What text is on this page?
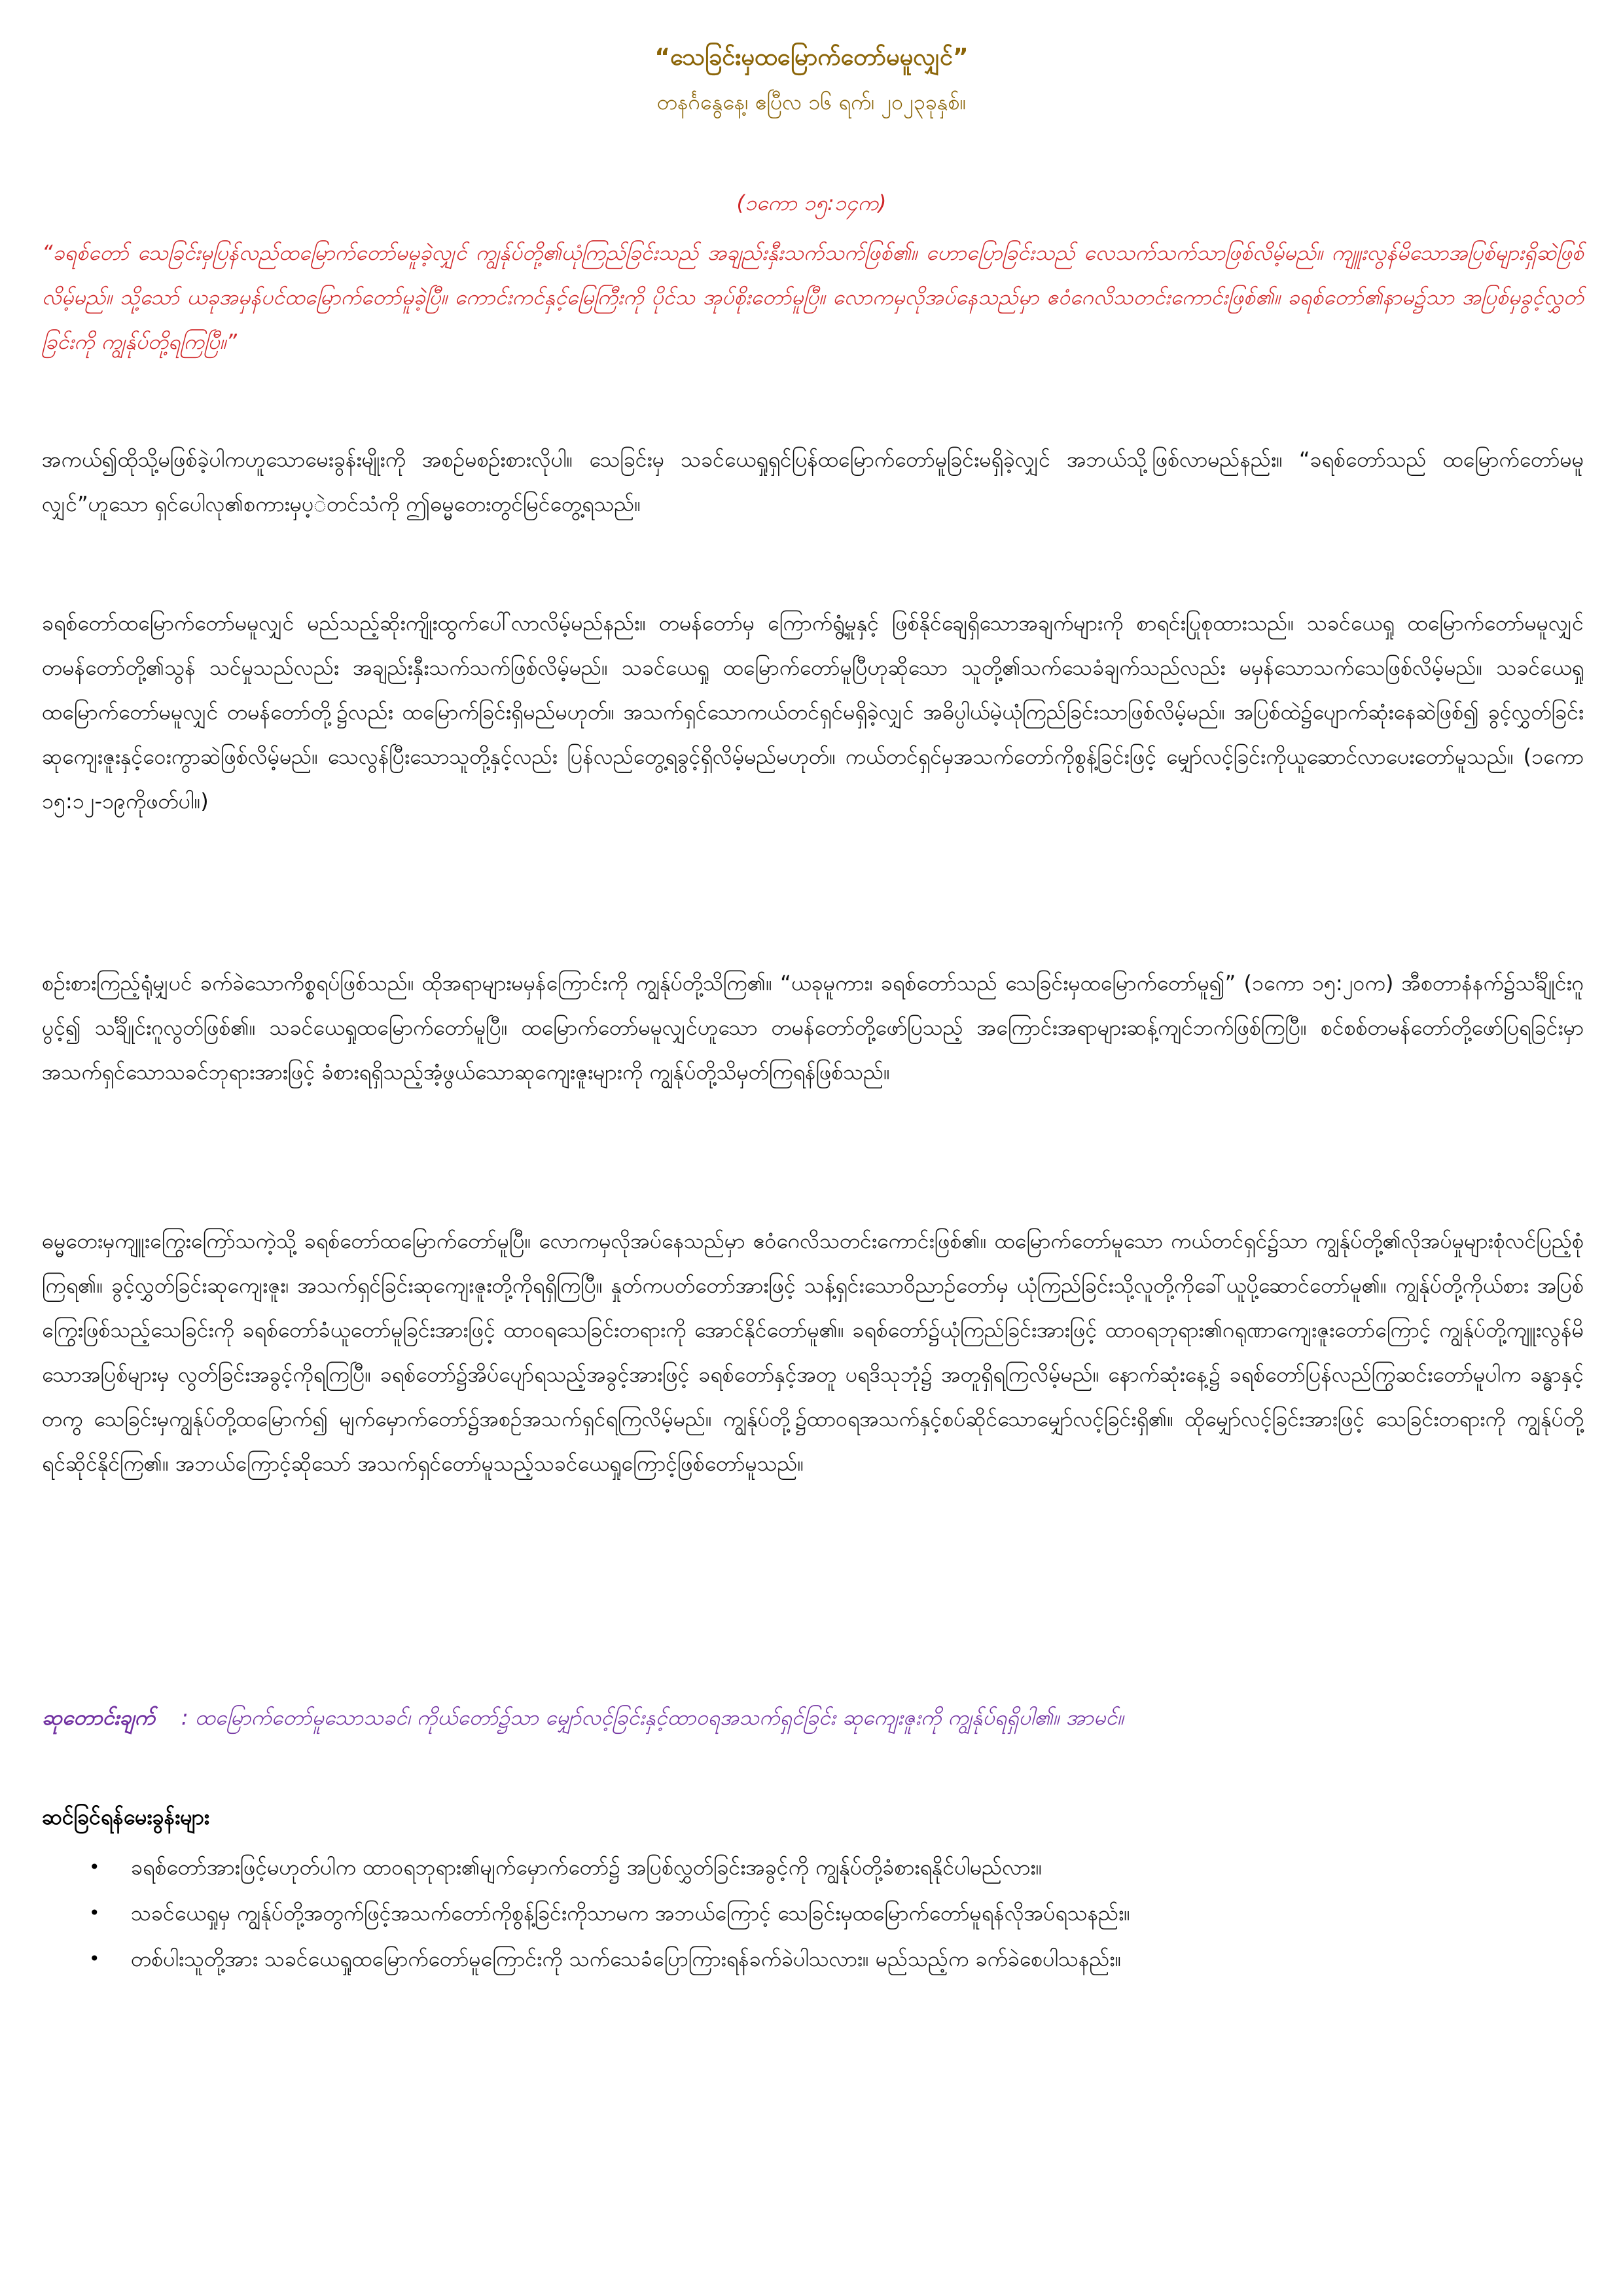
“သေခြင်းမှထမြောက်တော်မမူလျှင်”
တနင်္ဂနွေနေ့၊ ဧပြီလ ၁၆ ရက်၊ ၂၀၂၃ခုနှစ်။
(၁ကော ၁၅:၁၄က)
“ခရစ်တော် သေခြင်းမှပြန်လည်ထမြောက်တော်မမူခဲ့လျှင် ကျွန်ုပ်တို့၏ယုံကြည်ခြင်းသည် အချည်းနှီးသက်သက်ဖြစ်၏။ ဟောပြောခြင်းသည် လေသက်သက်သာဖြစ်လိမ့်မည်။ ကျူးလွန်မိသောအပြစ်များရှိဆဲဖြစ်လိမ့်မည်။ သို့သော် ယခုအမှန်ပင်ထမြောက်တော်မူခဲ့ပြီ။ ကောင်းကင်နှင့်မြေကြီးကို ပိုင်သ အုပ်စိုးတော်မူပြီ။ လောကမှလိုအပ်နေသည်မှာ ဧဝံဂေလိသတင်းကောင်းဖြစ်၏။ ခရစ်တော်၏နာမ၌သာ အပြစ်မှခွင့်လွှတ်ခြင်းကို ကျွန်ုပ်တို့ရကြပြီ။”
အကယ်၍ထိုသို့မဖြစ်ခဲ့ပါကဟူသောမေးခွန်းမျိုးကို အစဉ်မစဉ်းစားလိုပါ။ သေခြင်းမှ သခင်ယေရှုရှင်ပြန်ထမြောက်တော်မူခြင်းမရှိခဲ့လျှင် အဘယ်သို့ဖြစ်လာမည်နည်း။ “ခရစ်တော်သည် ထမြောက်တော်မမူလျှင်”ဟူသော ရှင်ပေါလု၏စကားမှပ့ဲတင်သံကို ဤဓမ္မတေးတွင်မြင်တွေ့ရသည်။
ခရစ်တော်ထမြောက်တော်မမူလျှင် မည်သည့်ဆိုးကျိုးထွက်ပေါ်လာလိမ့်မည်နည်း။ တမန်တော်မှ ကြောက်ရွံ့မှုနှင့် ဖြစ်နိုင်ချေရှိသောအချက်များကို စာရင်းပြုစုထားသည်။ သခင်ယေရှု ထမြောက်တော်မမူလျှင် တမန်တော်တို့၏သွန် သင်မှုသည်လည်း အချည်းနှီးသက်သက်ဖြစ်လိမ့်မည်။ သခင်ယေရှု ထမြောက်တော်မူပြီဟုဆိုသော သူတို့၏သက်သေခံချက်သည်လည်း မမှန်သောသက်သေဖြစ်လိမ့်မည်။ သခင်ယေရှုထမြောက်တော်မမူလျှင် တမန်တော်တို့၌လည်း ထမြောက်ခြင်းရှိမည်မဟုတ်။ အသက်ရှင်သောကယ်တင်ရှင်မရှိခဲ့လျှင် အဓိပ္ပါယ်မဲ့ယုံကြည်ခြင်းသာဖြစ်လိမ့်မည်။ အပြစ်ထဲ၌ပျောက်ဆုံးနေဆဲဖြစ်၍ ခွင့်လွှတ်ခြင်းဆုကျေးဇူးနှင့်ဝေးကွာဆဲဖြစ်လိမ့်မည်။ သေလွန်ပြီးသောသူတို့နှင့်လည်း ပြန်လည်တွေ့ရခွင့်ရှိလိမ့်မည်မဟုတ်။ ကယ်တင်ရှင်မှအသက်တော်ကိုစွန့်ခြင်းဖြင့် မျှော်လင့်ခြင်းကိုယူဆောင်လာပေးတော်မူသည်။ (၁ကော ၁၅:၁၂-၁၉ကိုဖတ်ပါ။)
စဉ်းစားကြည့်ရုံမျှပင် ခက်ခဲသောကိစ္စရပ်ဖြစ်သည်။ ထိုအရာများမမှန်ကြောင်းကို ကျွန်ုပ်တို့သိကြ၏။ “ယခုမူကား၊ ခရစ်တော်သည် သေခြင်းမှထမြောက်တော်မူ၍” (၁ကော ၁၅:၂၀က) အီစတာနံနက်၌သင်္ချိုင်းဂူပွင့်၍ သင်္ချိုင်းဂူလွတ်ဖြစ်၏။ သခင်ယေရှုထမြောက်တော်မူပြီ။ ထမြောက်တော်မမူလျှင်ဟူသော တမန်တော်တို့ဖော်ပြသည့် အကြောင်းအရာများဆန့်ကျင်ဘက်ဖြစ်ကြပြီ။ စင်စစ်တမန်တော်တို့ဖော်ပြရခြင်းမှာ အသက်ရှင်သောသခင်ဘုရားအားဖြင့် ခံစားရရှိသည့်အံ့ဖွယ်သောဆုကျေးဇူးများကို ကျွန်ုပ်တို့သိမှတ်ကြရန်ဖြစ်သည်။
ဓမ္မတေးမှကျူးကြွေးကြော်သကဲ့သို့ ခရစ်တော်ထမြောက်တော်မူပြီ။ လောကမှလိုအပ်နေသည်မှာ ဧဝံဂေလိသတင်းကောင်းဖြစ်၏။ ထမြောက်တော်မူသော ကယ်တင်ရှင်၌သာ ကျွန်ုပ်တို့၏လိုအပ်မှုများစုံလင်ပြည့်စုံကြရ၏။ ခွင့်လွှတ်ခြင်းဆုကျေးဇူး၊ အသက်ရှင်ခြင်းဆုကျေးဇူးတို့ကိုရရှိကြပြီ။ နှုတ်ကပတ်တော်အားဖြင့် သန့်ရှင်းသောဝိညာဉ်တော်မှ ယုံကြည်ခြင်းသို့လူတို့ကိုခေါ်ယူပို့ဆောင်တော်မူ၏။ ကျွန်ုပ်တို့ကိုယ်စား အပြစ်ကြွေးဖြစ်သည့်သေခြင်းကို ခရစ်တော်ခံယူတော်မူခြင်းအားဖြင့် ထာဝရသေခြင်းတရားကို အောင်နိုင်တော်မူ၏။ ခရစ်တော်၌ယုံကြည်ခြင်းအားဖြင့် ထာဝရဘုရား၏ဂရုဏာကျေးဇူးတော်ကြောင့် ကျွန်ုပ်တို့ကျူးလွန်မိသောအပြစ်များမှ လွတ်ခြင်းအခွင့်ကိုရကြပြီ။ ခရစ်တော်၌အိပ်ပျော်ရသည့်အခွင့်အားဖြင့် ခရစ်တော်နှင့်အတူ ပရဒိသုဘုံ၌ အတူရှိရကြလိမ့်မည်။ နောက်ဆုံးနေ့၌ ခရစ်တော်ပြန်လည်ကြွဆင်းတော်မူပါက ခန္ဓာနှင့်တကွ သေခြင်းမှကျွန်ုပ်တို့ထမြောက်၍ မျက်မှောက်တော်၌အစဉ်အသက်ရှင်ရကြလိမ့်မည်။ ကျွန်ုပ်တို့၌ထာဝရအသက်နှင့်စပ်ဆိုင်သောမျှော်လင့်ခြင်းရှိ၏။ ထိုမျှော်လင့်ခြင်းအားဖြင့် သေခြင်းတရားကို ကျွန်ုပ်တို့ရင်ဆိုင်နိုင်ကြ၏။ အဘယ်ကြောင့်ဆိုသော် အသက်ရှင်တော်မူသည့်သခင်ယေရှုကြောင့်ဖြစ်တော်မူသည်။
ဆုတောင်းချက် : ထမြောက်တော်မူသောသခင်၊ ကိုယ်တော်၌သာ မျှော်လင့်ခြင်းနှင့်ထာဝရအသက်ရှင်ခြင်း ဆုကျေးဇူးကို ကျွန်ုပ်ရရှိပါ၏။ အာမင်။
ဆင်ခြင်ရန်မေးခွန်းများ
• ခရစ်တော်အားဖြင့်မဟုတ်ပါက ထာဝရဘုရား၏မျက်မှောက်တော်၌ အပြစ်လွှတ်ခြင်းအခွင့်ကို ကျွန်ုပ်တို့ခံစားရနိုင်ပါမည်လား။
• သခင်ယေရှုမှ ကျွန်ုပ်တို့အတွက်ဖြင့်အသက်တော်ကိုစွန့်ခြင်းကိုသာမက အဘယ်ကြောင့် သေခြင်းမှထမြောက်တော်မူရန်လိုအပ်ရသနည်း။
• တစ်ပါးသူတို့အား သခင်ယေရှုထမြောက်တော်မူကြောင်းကို သက်သေခံပြောကြားရန်ခက်ခဲပါသလား။ မည်သည့်က ခက်ခဲစေပါသနည်း။
